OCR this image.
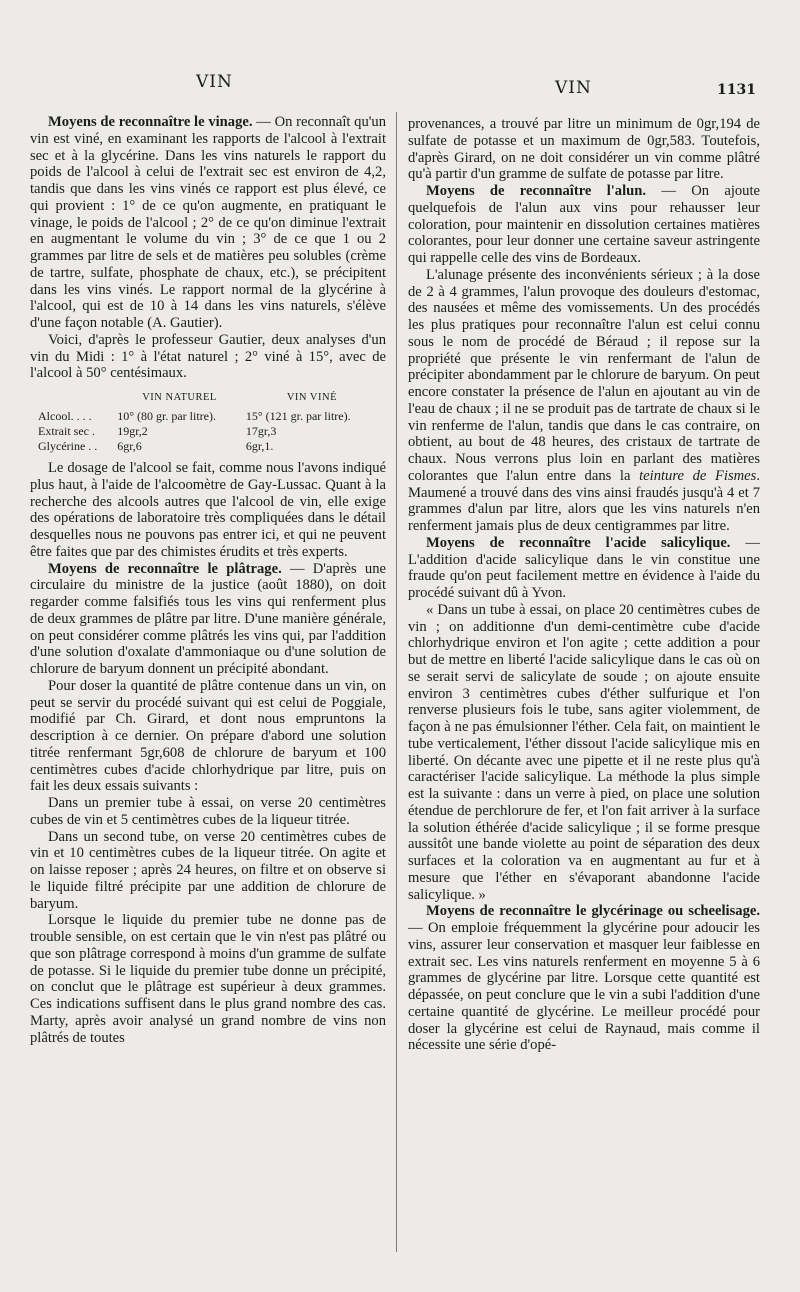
VIN	VIN	1131

Moyens de reconnaître le vinage. — On reconnaît qu'un vin est viné, en examinant les rapports de l'alcool à l'extrait sec et à la glycérine. Dans les vins naturels le rapport du poids de l'alcool à celui de l'extrait sec est environ de 4,2, tandis que dans les vins vinés ce rapport est plus élevé, ce qui provient : 1° de ce qu'on augmente, en pratiquant le vinage, le poids de l'alcool ; 2° de ce qu'on diminue l'extrait en augmentant le volume du vin ; 3° de ce que 1 ou 2 grammes par litre de sels et de matières peu solubles (crème de tartre, sulfate, phosphate de chaux, etc.), se précipitent dans les vins vinés. Le rapport normal de la glycérine à l'alcool, qui est de 10 à 14 dans les vins naturels, s'élève d'une façon notable (A. Gautier).

Voici, d'après le professeur Gautier, deux analyses d'un vin du Midi : 1° à l'état naturel ; 2° viné à 15°, avec de l'alcool à 50° centésimaux.

	VIN NATUREL	VIN VINÉ
Alcool. . . .	10° (80 gr. par litre).	15° (121 gr. par litre).
Extrait sec .	19gr,2	17gr,3
Glycérine . .	6gr,6	6gr,1.

Le dosage de l'alcool se fait, comme nous l'avons indiqué plus haut, à l'aide de l'alcoomètre de Gay-Lussac. Quant à la recherche des alcools autres que l'alcool de vin, elle exige des opérations de laboratoire très compliquées dans le détail desquelles nous ne pouvons pas entrer ici, et qui ne peuvent être faites que par des chimistes érudits et très experts.

Moyens de reconnaître le plâtrage. — D'après une circulaire du ministre de la justice (août 1880), on doit regarder comme falsifiés tous les vins qui renferment plus de deux grammes de plâtre par litre. D'une manière générale, on peut considérer comme plâtrés les vins qui, par l'addition d'une solution d'oxalate d'ammoniaque ou d'une solution de chlorure de baryum donnent un précipité abondant.

Pour doser la quantité de plâtre contenue dans un vin, on peut se servir du procédé suivant qui est celui de Poggiale, modifié par Ch. Girard, et dont nous empruntons la description à ce dernier. On prépare d'abord une solution titrée renfermant 5gr,608 de chlorure de baryum et 100 centimètres cubes d'acide chlorhydrique par litre, puis on fait les deux essais suivants :

Dans un premier tube à essai, on verse 20 centimètres cubes de vin et 5 centimètres cubes de la liqueur titrée.

Dans un second tube, on verse 20 centimètres cubes de vin et 10 centimètres cubes de la liqueur titrée. On agite et on laisse reposer ; après 24 heures, on filtre et on observe si le liquide filtré précipite par une addition de chlorure de baryum.

Lorsque le liquide du premier tube ne donne pas de trouble sensible, on est certain que le vin n'est pas plâtré ou que son plâtrage correspond à moins d'un gramme de sulfate de potasse. Si le liquide du premier tube donne un précipité, on conclut que le plâtrage est supérieur à deux grammes. Ces indications suffisent dans le plus grand nombre des cas. Marty, après avoir analysé un grand nombre de vins non plâtrés de toutes

provenances, a trouvé par litre un minimum de 0gr,194 de sulfate de potasse et un maximum de 0gr,583. Toutefois, d'après Girard, on ne doit considérer un vin comme plâtré qu'à partir d'un gramme de sulfate de potasse par litre.

Moyens de reconnaître l'alun. — On ajoute quelquefois de l'alun aux vins pour rehausser leur coloration, pour maintenir en dissolution certaines matières colorantes, pour leur donner une certaine saveur astringente qui rappelle celle des vins de Bordeaux.

L'alunage présente des inconvénients sérieux ; à la dose de 2 à 4 grammes, l'alun provoque des douleurs d'estomac, des nausées et même des vomissements. Un des procédés les plus pratiques pour reconnaître l'alun est celui connu sous le nom de procédé de Béraud ; il repose sur la propriété que présente le vin renfermant de l'alun de précipiter abondamment par le chlorure de baryum. On peut encore constater la présence de l'alun en ajoutant au vin de l'eau de chaux ; il ne se produit pas de tartrate de chaux si le vin renferme de l'alun, tandis que dans le cas contraire, on obtient, au bout de 48 heures, des cristaux de tartrate de chaux. Nous verrons plus loin en parlant des matières colorantes que l'alun entre dans la teinture de Fismes. Maumené a trouvé dans des vins ainsi fraudés jusqu'à 4 et 7 grammes d'alun par litre, alors que les vins naturels n'en renferment jamais plus de deux centigrammes par litre.

Moyens de reconnaître l'acide salicylique. — L'addition d'acide salicylique dans le vin constitue une fraude qu'on peut facilement mettre en évidence à l'aide du procédé suivant dû à Yvon.

« Dans un tube à essai, on place 20 centimètres cubes de vin ; on additionne d'un demi-centimètre cube d'acide chlorhydrique environ et l'on agite ; cette addition a pour but de mettre en liberté l'acide salicylique dans le cas où on se serait servi de salicylate de soude ; on ajoute ensuite environ 3 centimètres cubes d'éther sulfurique et l'on renverse plusieurs fois le tube, sans agiter violemment, de façon à ne pas émulsionner l'éther. Cela fait, on maintient le tube verticalement, l'éther dissout l'acide salicylique mis en liberté. On décante avec une pipette et il ne reste plus qu'à caractériser l'acide salicylique. La méthode la plus simple est la suivante : dans un verre à pied, on place une solution étendue de perchlorure de fer, et l'on fait arriver à la surface la solution éthérée d'acide salicylique ; il se forme presque aussitôt une bande violette au point de séparation des deux surfaces et la coloration va en augmentant au fur et à mesure que l'éther en s'évaporant abandonne l'acide salicylique. »

Moyens de reconnaître le glycérinage ou scheelisage. — On emploie fréquemment la glycérine pour adoucir les vins, assurer leur conservation et masquer leur faiblesse en extrait sec. Les vins naturels renferment en moyenne 5 à 6 grammes de glycérine par litre. Lorsque cette quantité est dépassée, on peut conclure que le vin a subi l'addition d'une certaine quantité de glycérine. Le meilleur procédé pour doser la glycérine est celui de Raynaud, mais comme il nécessite une série d'opé-
